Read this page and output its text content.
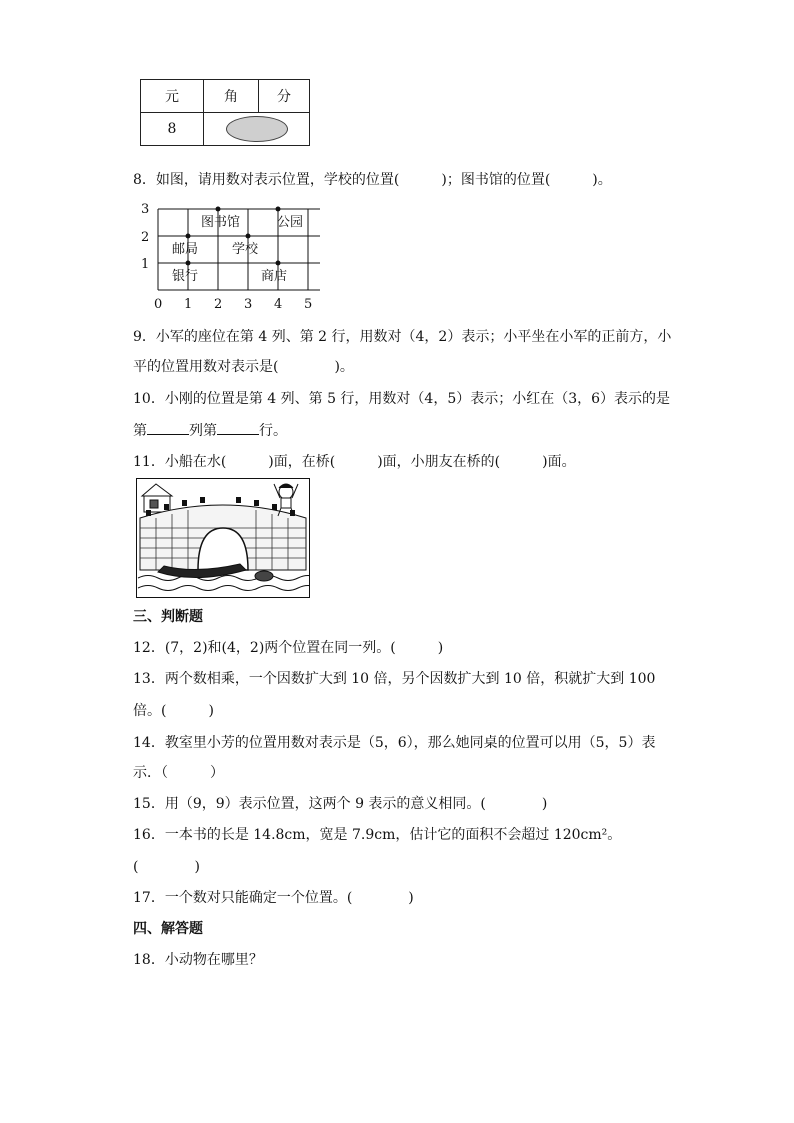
元	角	分
8		
8．如图，请用数对表示位置，学校的位置(　　　)；图书馆的位置(　　　)。
3
2
1
0 1 2 3 4 5
图书馆	公园
邮局	学校
银行	商店
9．小军的座位在第 4 列、第 2 行，用数对（4，2）表示；小平坐在小军的正前方，小
平的位置用数对表示是(　　　　)。
10．小刚的位置是第 4 列、第 5 行，用数对（4，5）表示；小红在（3，6）表示的是
第	列第	行。
11．小船在水(　　　)面，在桥(　　　)面，小朋友在桥的(　　　)面。
三、判断题
12．(7，2)和(4，2)两个位置在同一列。(　　　)
13．两个数相乘，一个因数扩大到 10 倍，另个因数扩大到 10 倍，积就扩大到 100
倍。(　　　)
14．教室里小芳的位置用数对表示是（5，6），那么她同桌的位置可以用（5，5）表
示．（　　　）
15．用（9，9）表示位置，这两个 9 表示的意义相同。(　　　　)
16．一本书的长是 14.8cm，宽是 7.9cm，估计它的面积不会超过 120cm²。
(　　　　)
17．一个数对只能确定一个位置。(　　　　)
四、解答题
18．小动物在哪里？
